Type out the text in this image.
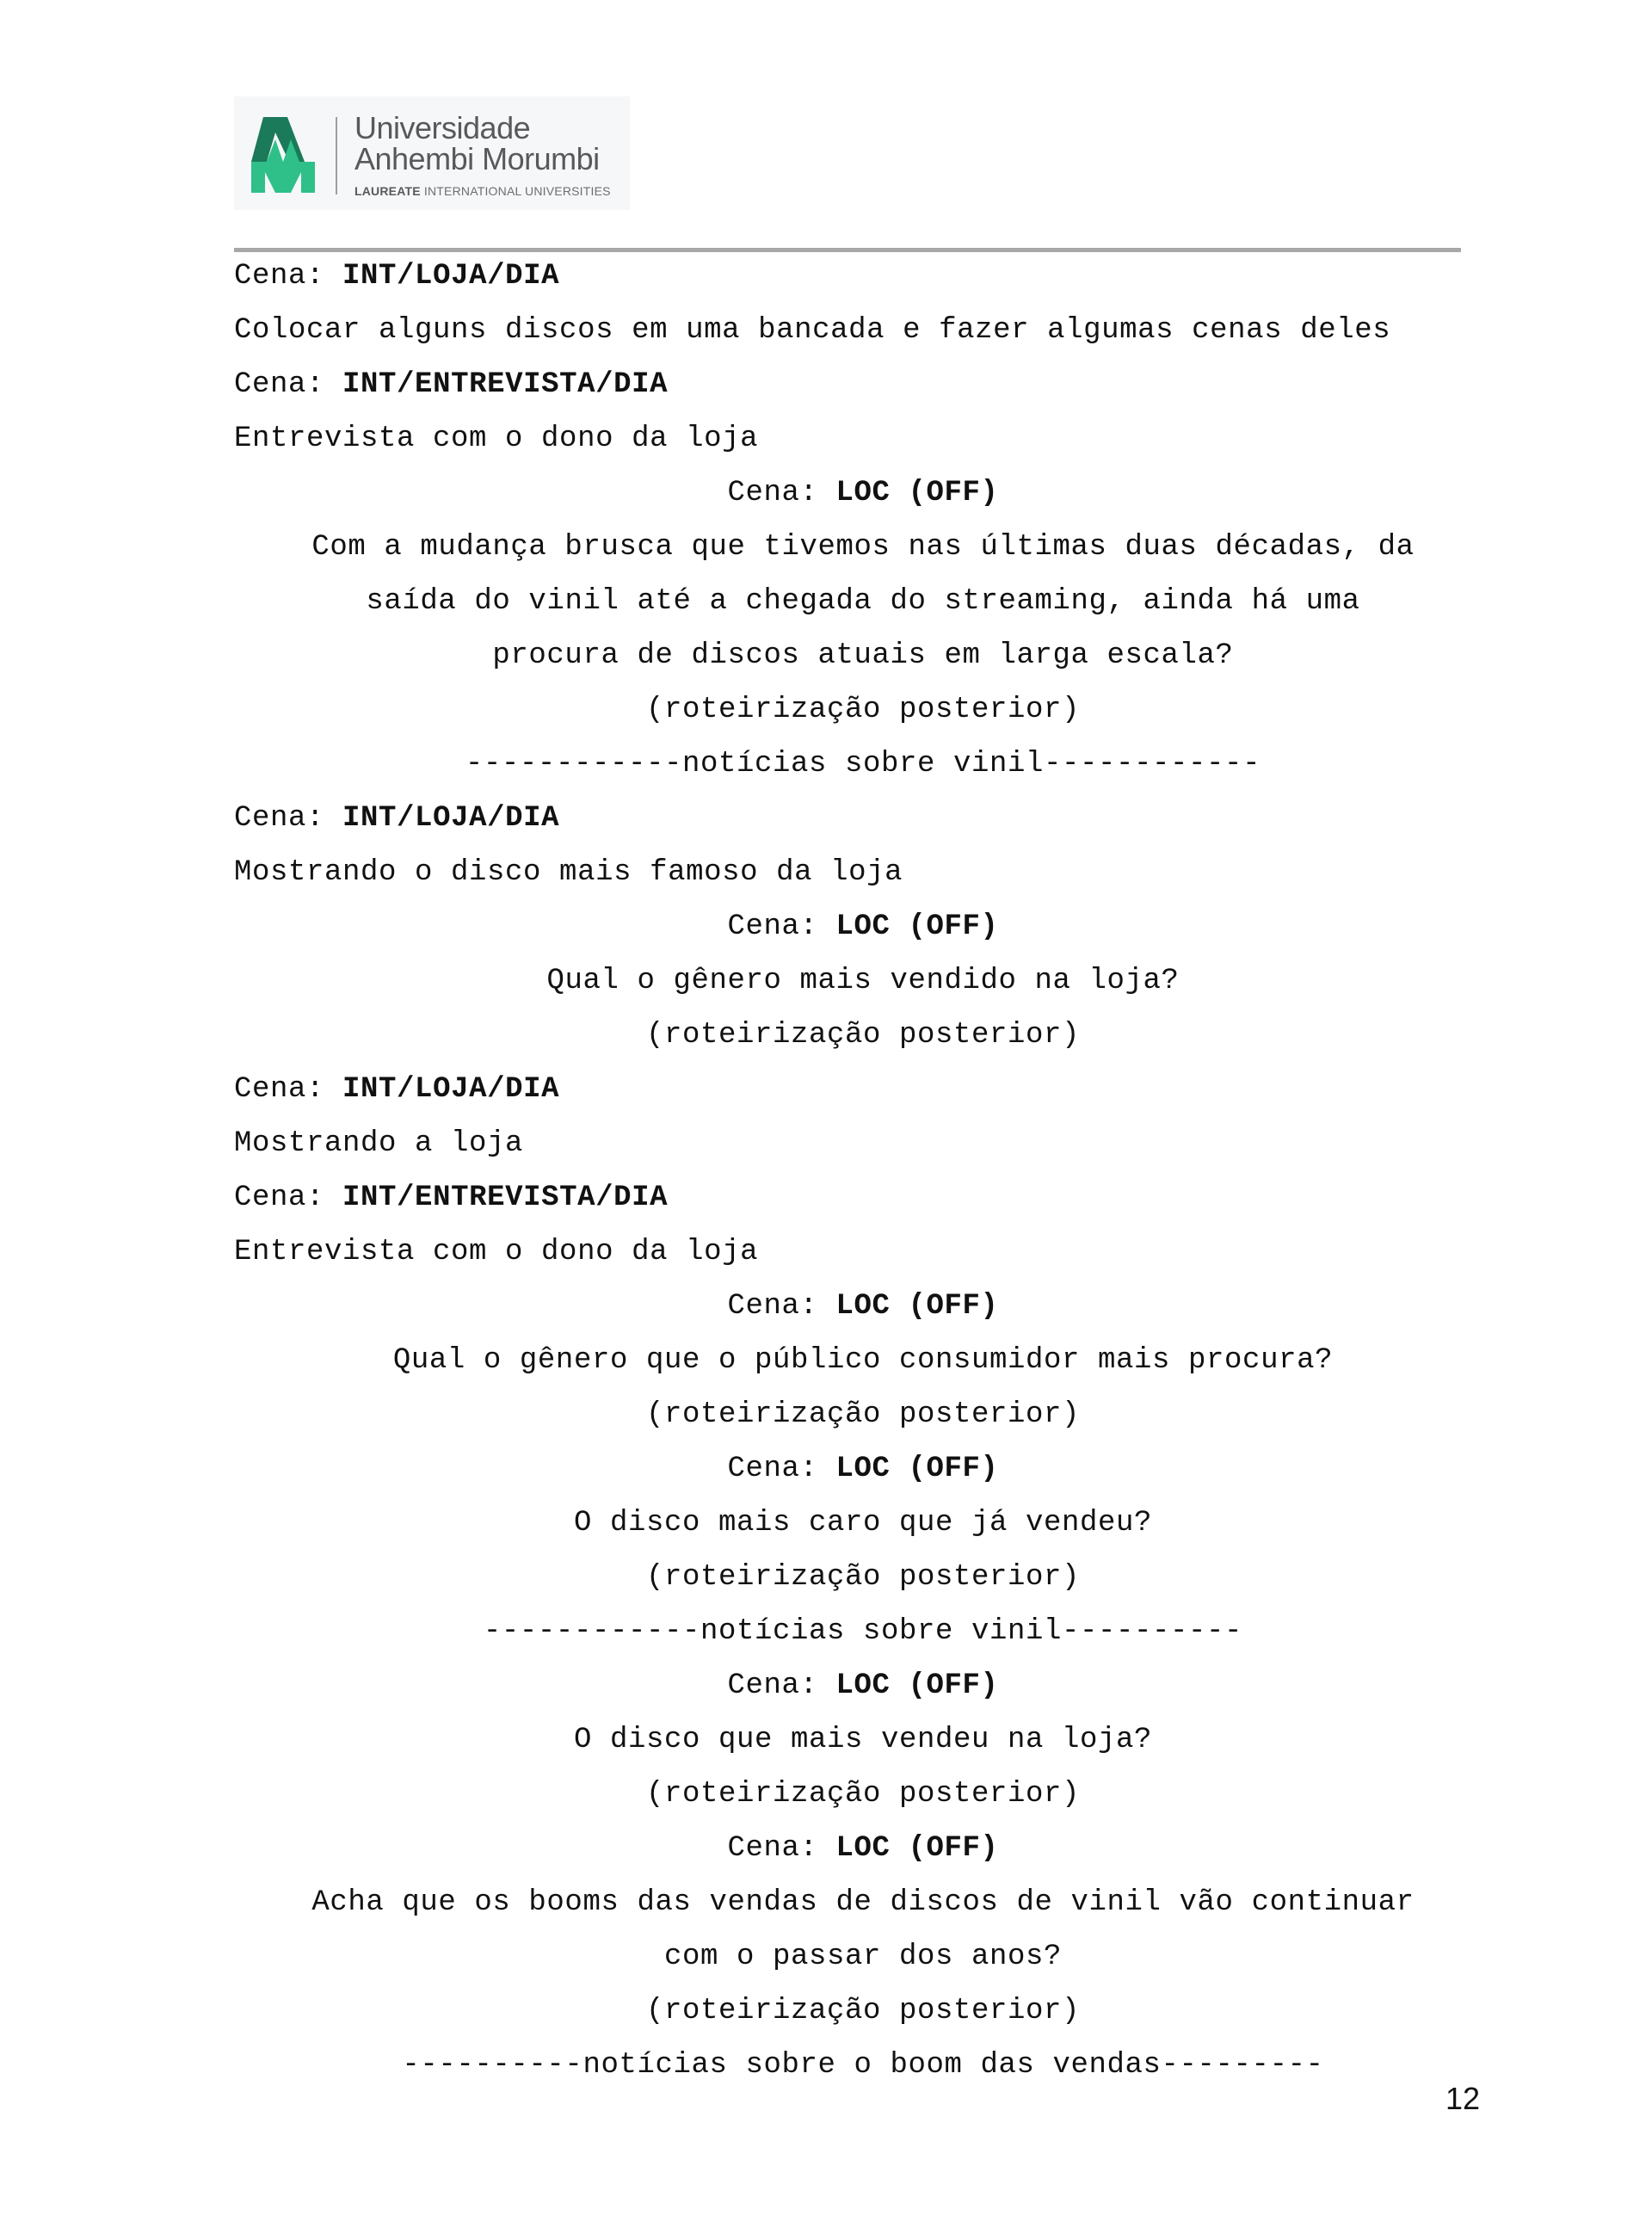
Universidade
Anhembi Morumbi
LAUREATE INTERNATIONAL UNIVERSITIES
Cena: INT/LOJA/DIA
Colocar alguns discos em uma bancada e fazer algumas cenas deles
Cena: INT/ENTREVISTA/DIA
Entrevista com o dono da loja
Cena: LOC (OFF)
Com a mudança brusca que tivemos nas últimas duas décadas, da
saída do vinil até a chegada do streaming, ainda há uma
procura de discos atuais em larga escala?
(roteirização posterior)
------------notícias sobre vinil------------
Cena: INT/LOJA/DIA
Mostrando o disco mais famoso da loja
Cena: LOC (OFF)
Qual o gênero mais vendido na loja?
(roteirização posterior)
Cena: INT/LOJA/DIA
Mostrando a loja
Cena: INT/ENTREVISTA/DIA
Entrevista com o dono da loja
Cena: LOC (OFF)
Qual o gênero que o público consumidor mais procura?
(roteirização posterior)
Cena: LOC (OFF)
O disco mais caro que já vendeu?
(roteirização posterior)
------------notícias sobre vinil----------
Cena: LOC (OFF)
O disco que mais vendeu na loja?
(roteirização posterior)
Cena: LOC (OFF)
Acha que os booms das vendas de discos de vinil vão continuar
com o passar dos anos?
(roteirização posterior)
----------notícias sobre o boom das vendas---------
12
